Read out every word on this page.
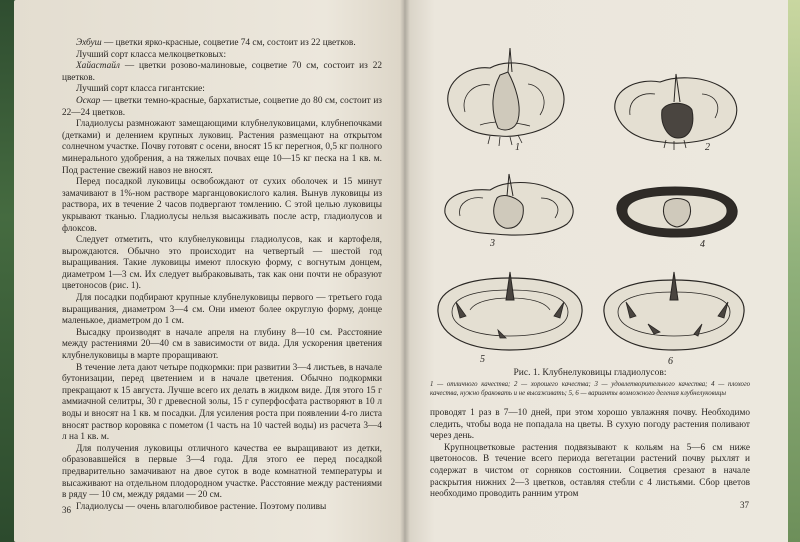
Эхбуш — цветки ярко-красные, соцветие 74 см, состоит из 22 цветков.

Лучший сорт класса мелкоцветковых:

Хайастайл — цветки розово-малиновые, соцветие 70 см, состоит из 22 цветков.

Лучший сорт класса гигантские:

Оскар — цветки темно-красные, бархатистые, соцветие до 80 см, состоит из 22—24 цветков.

Гладиолусы размножают замещающими клубнелуковицами, клубнепочками (детками) и делением крупных луковиц. Растения размещают на открытом солнечном участке. Почву готовят с осени, вносят 15 кг перегноя, 0,5 кг полного минерального удобрения, а на тяжелых почвах еще 10—15 кг песка на 1 кв. м. Под растение свежий навоз не вносят.

Перед посадкой луковицы освобождают от сухих оболочек и 15 минут замачивают в 1%-ном растворе марганцовокислого калия. Вынув луковицы из раствора, их в течение 2 часов подвергают томлению. С этой целью луковицы укрывают тканью. Гладиолусы нельзя высаживать после астр, гладиолусов и флоксов.

Следует отметить, что клубнелуковицы гладиолусов, как и картофеля, вырождаются. Обычно это происходит на четвертый — шестой год выращивания. Такие луковицы имеют плоскую форму, с вогнутым донцем, диаметром 1—3 см. Их следует выбраковывать, так как они почти не образуют цветоносов (рис. 1).

Для посадки подбирают крупные клубнелуковицы первого — третьего года выращивания, диаметром 3—4 см. Они имеют более округлую форму, донце маленькое, диаметром до 1 см.

Высадку производят в начале апреля на глубину 8—10 см. Расстояние между растениями 20—40 см в зависимости от вида. Для ускорения цветения клубнелуковицы в марте проращивают.

В течение лета дают четыре подкормки: при развитии 3—4 листьев, в начале бутонизации, перед цветением и в начале цветения. Обычно подкормки прекращают к 15 августа. Лучше всего их делать в жидком виде. Для этого 15 г аммиачной селитры, 30 г древесной золы, 15 г суперфосфата растворяют в 10 л воды и вносят на 1 кв. м посадки. Для усиления роста при появлении 4-го листа вносят раствор коровяка с пометом (1 часть на 10 частей воды) из расчета 3—4 л на 1 кв. м.

Для получения луковицы отличного качества ее выращивают из детки, образовавшейся в первые 3—4 года. Для этого ее перед посадкой предварительно замачивают на двое суток в воде комнатной температуры и высаживают на отдельном плодородном участке. Расстояние между растениями в ряду — 10 см, между рядами — 20 см.

Гладиолусы — очень влаголюбивое растение. Поэтому поливы

36
1	2
3	4
5	6
Рис. 1. Клубнелуковицы гладиолусов:
1 — отличного качества; 2 — хорошего качества; 3 — удовлетворительного качества; 4 — плохого качества, нужно браковать и не высаживать; 5, 6 — варианты возможного деления клубнелуковицы

проводят 1 раз в 7—10 дней, при этом хорошо увлажняя почву. Необходимо следить, чтобы вода не попадала на цветы. В сухую погоду растения поливают через день.

Крупноцветковые растения подвязывают к кольям на 5—6 см ниже цветоносов. В течение всего периода вегетации растений почву рыхлят и содержат в чистом от сорняков состоянии. Соцветия срезают в начале раскрытия нижних 2—3 цветков, оставляя стебли с 4 листьями. Сбор цветов необходимо проводить ранним утром

37
